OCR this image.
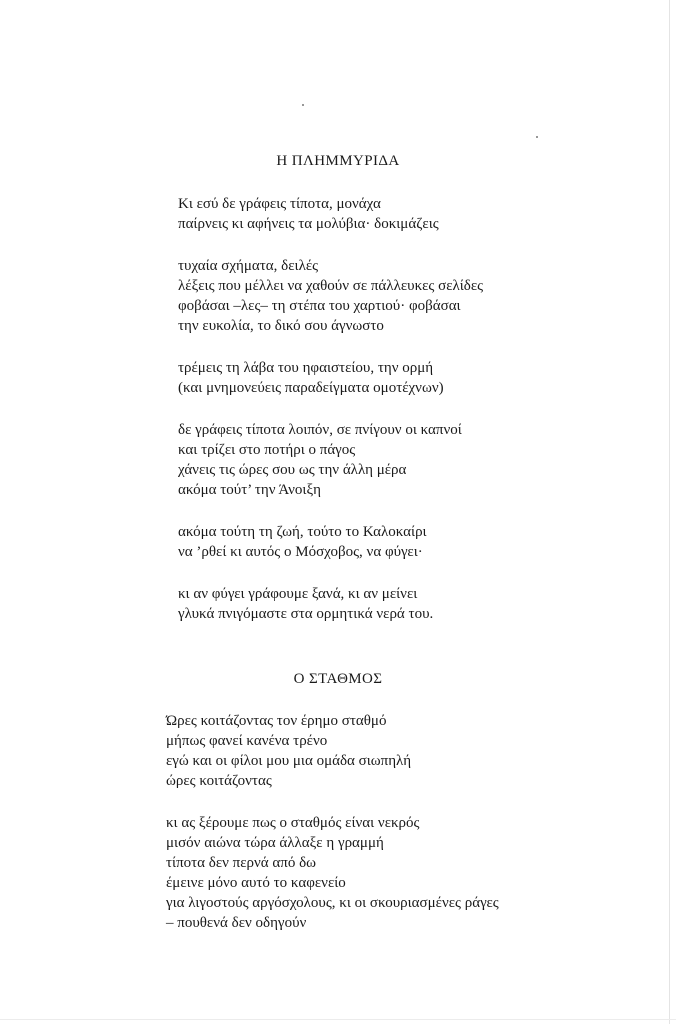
Η ΠΛΗΜΜΥΡΙΔΑ
Κι εσύ δε γράφεις τίποτα, μονάχα
παίρνεις κι αφήνεις τα μολύβια· δοκιμάζεις
τυχαία σχήματα, δειλές
λέξεις που μέλλει να χαθούν σε πάλλευκες σελίδες
φοβάσαι –λες– τη στέπα του χαρτιού· φοβάσαι
την ευκολία, το δικό σου άγνωστο
τρέμεις τη λάβα του ηφαιστείου, την ορμή
(και μνημονεύεις παραδείγματα ομοτέχνων)
δε γράφεις τίποτα λοιπόν, σε πνίγουν οι καπνοί
και τρίζει στο ποτήρι ο πάγος
χάνεις τις ώρες σου ως την άλλη μέρα
ακόμα τούτ’ την Άνοιξη
ακόμα τούτη τη ζωή, τούτο το Καλοκαίρι
να ’ρθεί κι αυτός ο Μόσχοβος, να φύγει·
κι αν φύγει γράφουμε ξανά, κι αν μείνει
γλυκά πνιγόμαστε στα ορμητικά νερά του.
Ο ΣΤΑΘΜΟΣ
Ώρες κοιτάζοντας τον έρημο σταθμό
μήπως φανεί κανένα τρένο
εγώ και οι φίλοι μου μια ομάδα σιωπηλή
ώρες κοιτάζοντας
κι ας ξέρουμε πως ο σταθμός είναι νεκρός
μισόν αιώνα τώρα άλλαξε η γραμμή
τίποτα δεν περνά από δω
έμεινε μόνο αυτό το καφενείο
για λιγοστούς αργόσχολους, κι οι σκουριασμένες ράγες
– πουθενά δεν οδηγούν
